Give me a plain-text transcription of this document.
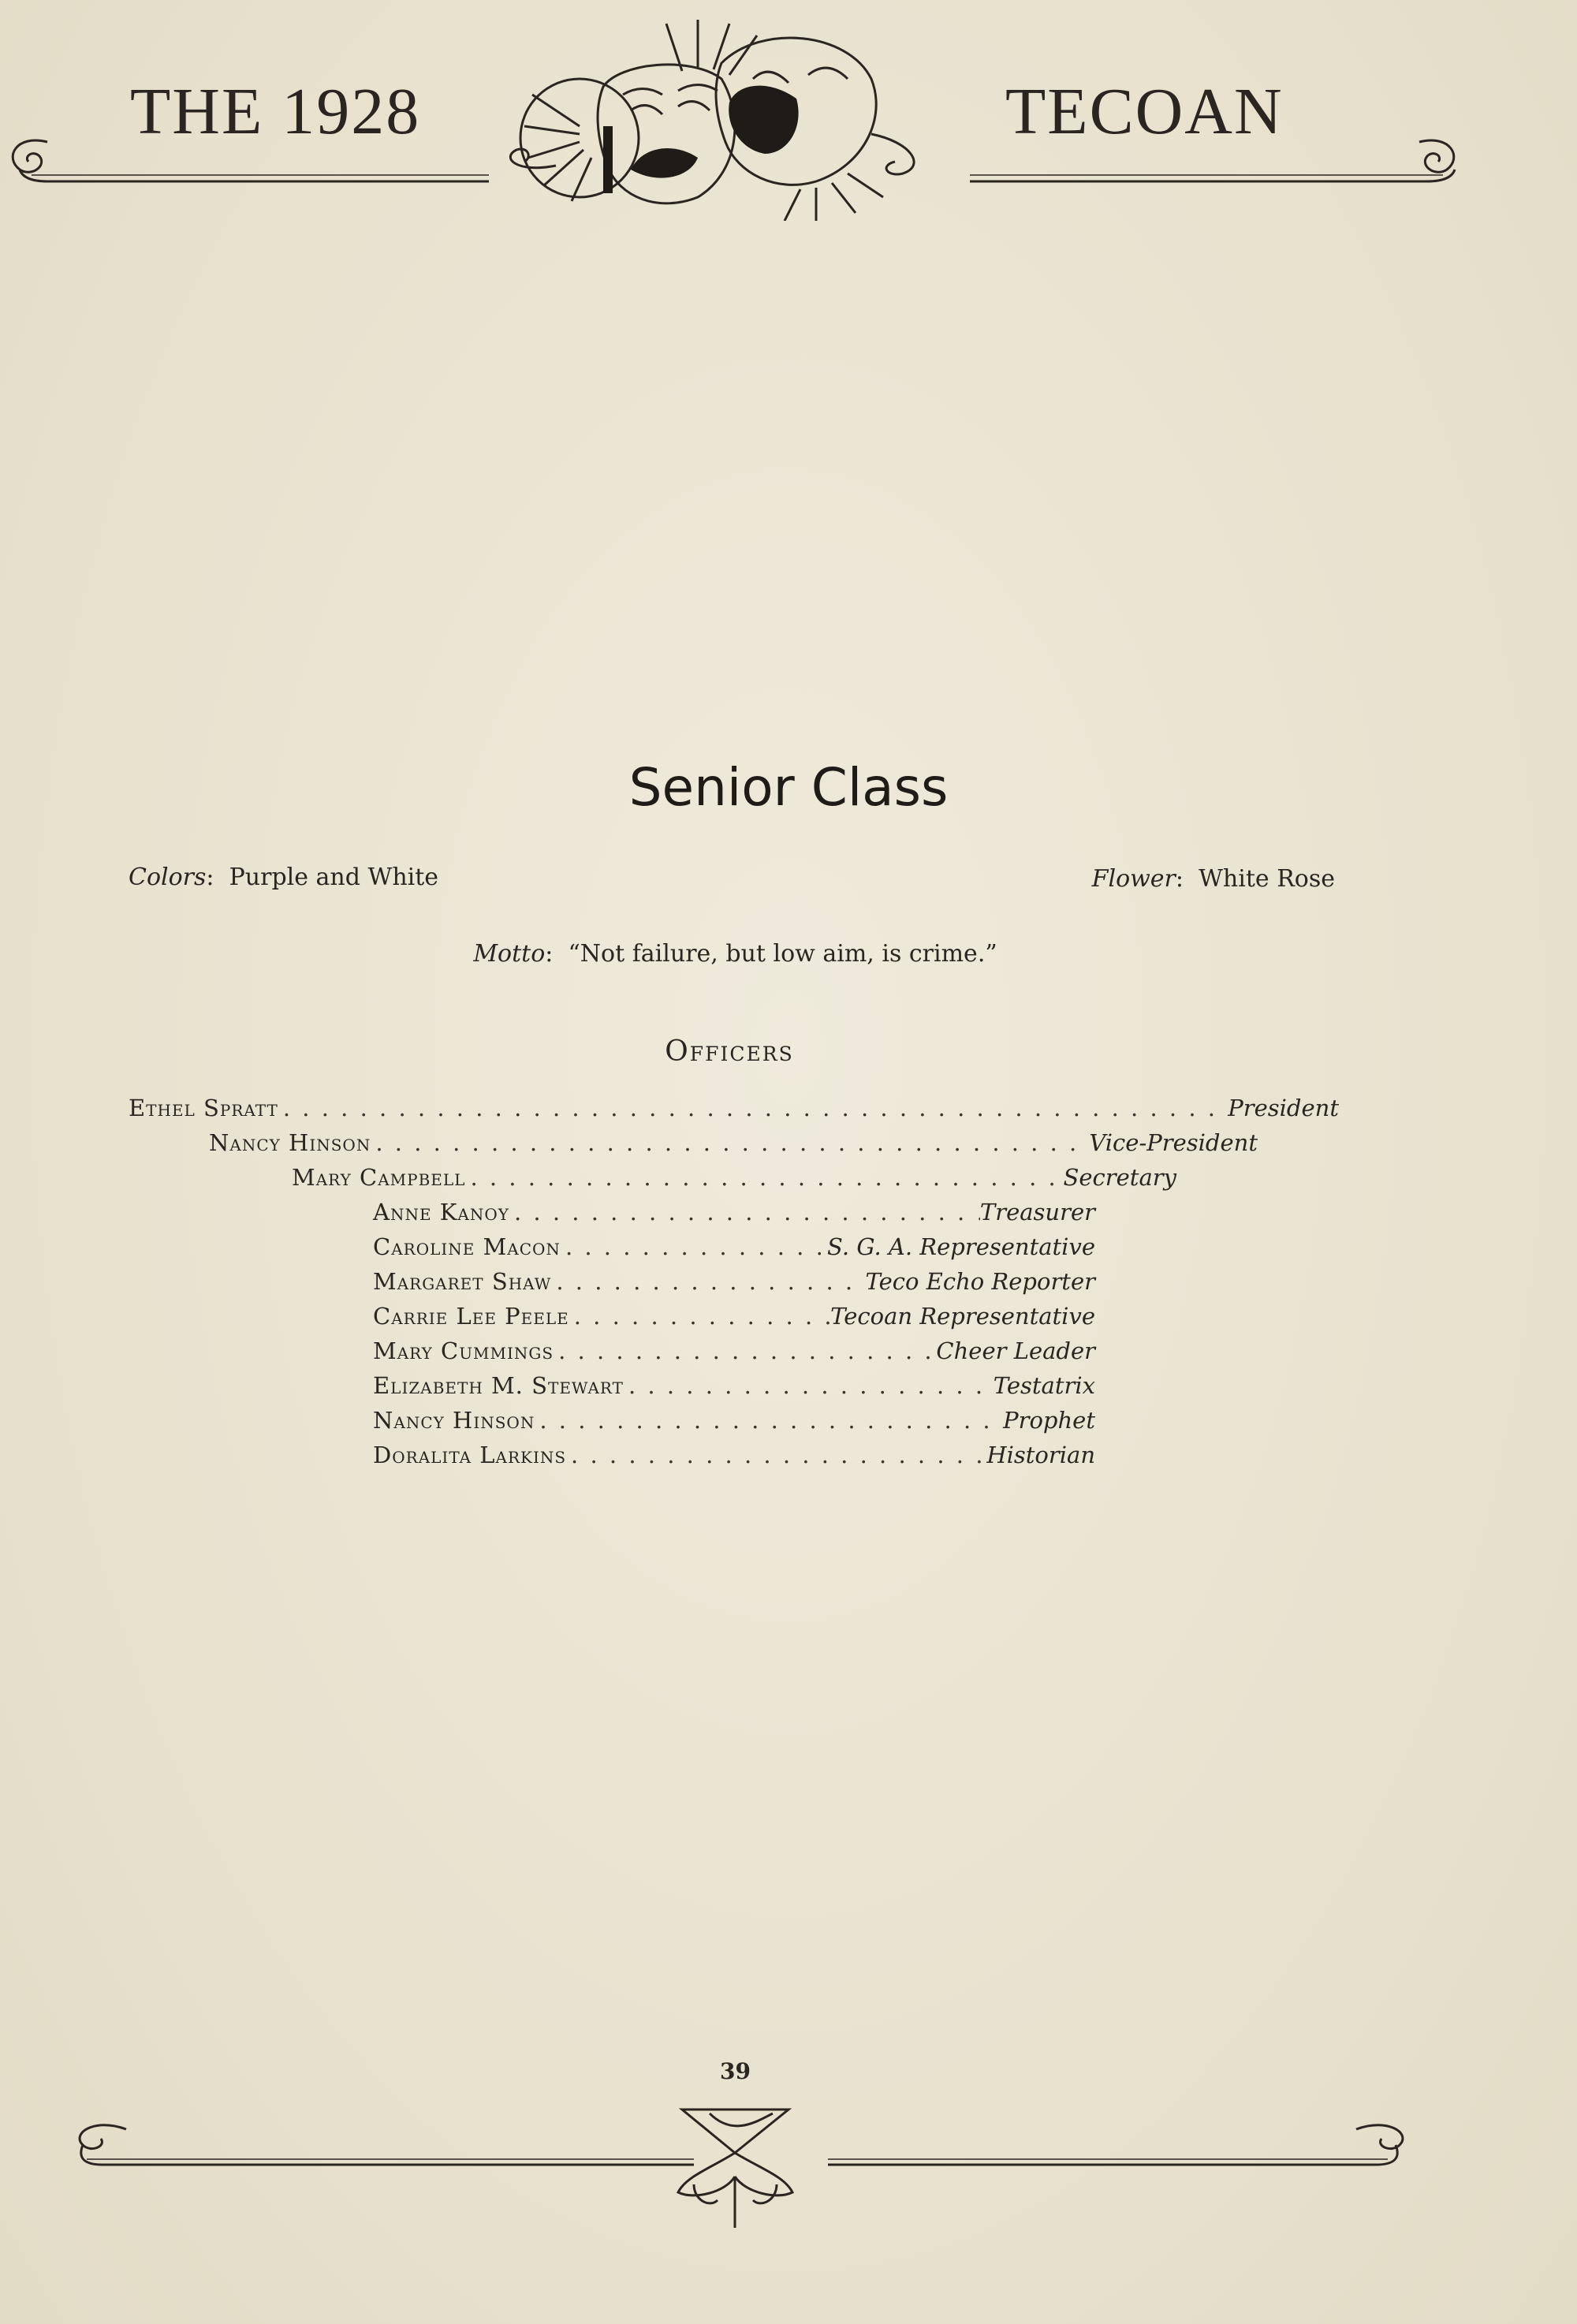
THE 1928	TECOAN
Senior Class
Colors:  Purple and White	Flower:  White Rose
Motto:  “Not failure, but low aim, is crime.”
Officers
Ethel Spratt . . .	President
Nancy Hinson . . .	Vice-President
Mary Campbell . . .	Secretary
Anne Kanoy . . .	Treasurer
Caroline Macon . . .	S. G. A. Representative
Margaret Shaw . . .	Teco Echo Reporter
Carrie Lee Peele . . .	Tecoan Representative
Mary Cummings . . .	Cheer Leader
Elizabeth M. Stewart . . .	Testatrix
Nancy Hinson . . .	Prophet
Doralita Larkins . . .	Historian
39
